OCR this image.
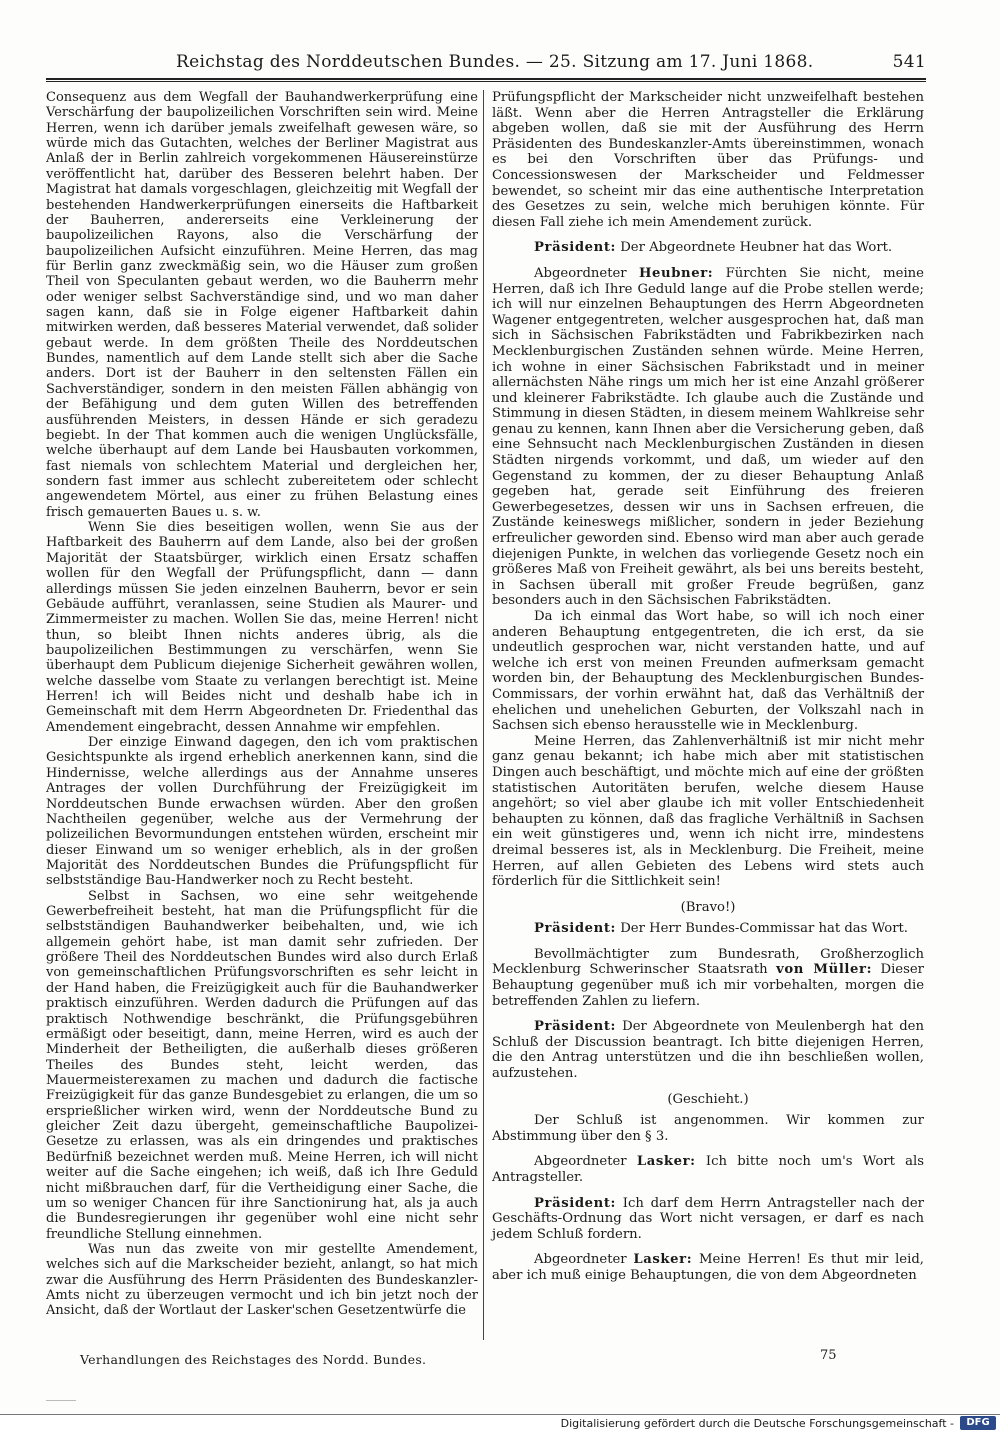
Reichstag des Norddeutschen Bundes. — 25. Sitzung am 17. Juni 1868.	541

Consequenz aus dem Wegfall der Bauhandwerkerprüfung eine Verschärfung der baupolizeilichen Vorschriften sein wird. Meine Herren, wenn ich darüber jemals zweifelhaft gewesen wäre, so würde mich das Gutachten, welches der Berliner Magistrat aus Anlaß der in Berlin zahlreich vorgekommenen Häusereinstürze veröffentlicht hat, darüber des Besseren belehrt haben. Der Magistrat hat damals vorgeschlagen, gleichzeitig mit Wegfall der bestehenden Handwerkerprüfungen einerseits die Haftbarkeit der Bauherren, andererseits eine Verkleinerung der baupolizeilichen Rayons, also die Verschärfung der baupolizeilichen Aufsicht einzuführen. Meine Herren, das mag für Berlin ganz zweckmäßig sein, wo die Häuser zum großen Theil von Speculanten gebaut werden, wo die Bauherrn mehr oder weniger selbst Sachverständige sind, und wo man daher sagen kann, daß sie in Folge eigener Haftbarkeit dahin mitwirken werden, daß besseres Material verwendet, daß solider gebaut werde. In dem größten Theile des Norddeutschen Bundes, namentlich auf dem Lande stellt sich aber die Sache anders. Dort ist der Bauherr in den seltensten Fällen ein Sachverständiger, sondern in den meisten Fällen abhängig von der Befähigung und dem guten Willen des betreffenden ausführenden Meisters, in dessen Hände er sich geradezu begiebt. In der That kommen auch die wenigen Unglücksfälle, welche überhaupt auf dem Lande bei Hausbauten vorkommen, fast niemals von schlechtem Material und dergleichen her, sondern fast immer aus schlecht zubereitetem oder schlecht angewendetem Mörtel, aus einer zu frühen Belastung eines frisch gemauerten Baues u. s. w.

Wenn Sie dies beseitigen wollen, wenn Sie aus der Haftbarkeit des Bauherrn auf dem Lande, also bei der großen Majorität der Staatsbürger, wirklich einen Ersatz schaffen wollen für den Wegfall der Prüfungspflicht, dann — dann allerdings müssen Sie jeden einzelnen Bauherrn, bevor er sein Gebäude aufführt, veranlassen, seine Studien als Maurer- und Zimmermeister zu machen. Wollen Sie das, meine Herren! nicht thun, so bleibt Ihnen nichts anderes übrig, als die baupolizeilichen Bestimmungen zu verschärfen, wenn Sie überhaupt dem Publicum diejenige Sicherheit gewähren wollen, welche dasselbe vom Staate zu verlangen berechtigt ist. Meine Herren! ich will Beides nicht und deshalb habe ich in Gemeinschaft mit dem Herrn Abgeordneten Dr. Friedenthal das Amendement eingebracht, dessen Annahme wir empfehlen.

Der einzige Einwand dagegen, den ich vom praktischen Gesichtspunkte als irgend erheblich anerkennen kann, sind die Hindernisse, welche allerdings aus der Annahme unseres Antrages der vollen Durchführung der Freizügigkeit im Norddeutschen Bunde erwachsen würden. Aber den großen Nachtheilen gegenüber, welche aus der Vermehrung der polizeilichen Bevormundungen entstehen würden, erscheint mir dieser Einwand um so weniger erheblich, als in der großen Majorität des Norddeutschen Bundes die Prüfungspflicht für selbstständige Bau-Handwerker noch zu Recht besteht.

Selbst in Sachsen, wo eine sehr weitgehende Gewerbefreiheit besteht, hat man die Prüfungspflicht für die selbstständigen Bauhandwerker beibehalten, und, wie ich allgemein gehört habe, ist man damit sehr zufrieden. Der größere Theil des Norddeutschen Bundes wird also durch Erlaß von gemeinschaftlichen Prüfungsvorschriften es sehr leicht in der Hand haben, die Freizügigkeit auch für die Bauhandwerker praktisch einzuführen. Werden dadurch die Prüfungen auf das praktisch Nothwendige beschränkt, die Prüfungsgebühren ermäßigt oder beseitigt, dann, meine Herren, wird es auch der Minderheit der Betheiligten, die außerhalb dieses größeren Theiles des Bundes steht, leicht werden, das Mauermeisterexamen zu machen und dadurch die factische Freizügigkeit für das ganze Bundesgebiet zu erlangen, die um so ersprießlicher wirken wird, wenn der Norddeutsche Bund zu gleicher Zeit dazu übergeht, gemeinschaftliche Baupolizei-Gesetze zu erlassen, was als ein dringendes und praktisches Bedürfniß bezeichnet werden muß. Meine Herren, ich will nicht weiter auf die Sache eingehen; ich weiß, daß ich Ihre Geduld nicht mißbrauchen darf, für die Vertheidigung einer Sache, die um so weniger Chancen für ihre Sanctionirung hat, als ja auch die Bundesregierungen ihr gegenüber wohl eine nicht sehr freundliche Stellung einnehmen.

Was nun das zweite von mir gestellte Amendement, welches sich auf die Markscheider bezieht, anlangt, so hat mich zwar die Ausführung des Herrn Präsidenten des Bundeskanzler-Amts nicht zu überzeugen vermocht und ich bin jetzt noch der Ansicht, daß der Wortlaut der Lasker'schen Gesetzentwürfe die

Prüfungspflicht der Markscheider nicht unzweifelhaft bestehen läßt. Wenn aber die Herren Antragsteller die Erklärung abgeben wollen, daß sie mit der Ausführung des Herrn Präsidenten des Bundeskanzler-Amts übereinstimmen, wonach es bei den Vorschriften über das Prüfungs- und Concessionswesen der Markscheider und Feldmesser bewendet, so scheint mir das eine authentische Interpretation des Gesetzes zu sein, welche mich beruhigen könnte. Für diesen Fall ziehe ich mein Amendement zurück.

Präsident: Der Abgeordnete Heubner hat das Wort.

Abgeordneter Heubner: Fürchten Sie nicht, meine Herren, daß ich Ihre Geduld lange auf die Probe stellen werde; ich will nur einzelnen Behauptungen des Herrn Abgeordneten Wagener entgegentreten, welcher ausgesprochen hat, daß man sich in Sächsischen Fabrikstädten und Fabrikbezirken nach Mecklenburgischen Zuständen sehnen würde. Meine Herren, ich wohne in einer Sächsischen Fabrikstadt und in meiner allernächsten Nähe rings um mich her ist eine Anzahl größerer und kleinerer Fabrikstädte. Ich glaube auch die Zustände und Stimmung in diesen Städten, in diesem meinem Wahlkreise sehr genau zu kennen, kann Ihnen aber die Versicherung geben, daß eine Sehnsucht nach Mecklenburgischen Zuständen in diesen Städten nirgends vorkommt, und daß, um wieder auf den Gegenstand zu kommen, der zu dieser Behauptung Anlaß gegeben hat, gerade seit Einführung des freieren Gewerbegesetzes, dessen wir uns in Sachsen erfreuen, die Zustände keineswegs mißlicher, sondern in jeder Beziehung erfreulicher geworden sind. Ebenso wird man aber auch gerade diejenigen Punkte, in welchen das vorliegende Gesetz noch ein größeres Maß von Freiheit gewährt, als bei uns bereits besteht, in Sachsen überall mit großer Freude begrüßen, ganz besonders auch in den Sächsischen Fabrikstädten.

Da ich einmal das Wort habe, so will ich noch einer anderen Behauptung entgegentreten, die ich erst, da sie undeutlich gesprochen war, nicht verstanden hatte, und auf welche ich erst von meinen Freunden aufmerksam gemacht worden bin, der Behauptung des Mecklenburgischen Bundes-Commissars, der vorhin erwähnt hat, daß das Verhältniß der ehelichen und unehelichen Geburten, der Volkszahl nach in Sachsen sich ebenso herausstelle wie in Mecklenburg.

Meine Herren, das Zahlenverhältniß ist mir nicht mehr ganz genau bekannt; ich habe mich aber mit statistischen Dingen auch beschäftigt, und möchte mich auf eine der größten statistischen Autoritäten berufen, welche diesem Hause angehört; so viel aber glaube ich mit voller Entschiedenheit behaupten zu können, daß das fragliche Verhältniß in Sachsen ein weit günstigeres und, wenn ich nicht irre, mindestens dreimal besseres ist, als in Mecklenburg. Die Freiheit, meine Herren, auf allen Gebieten des Lebens wird stets auch förderlich für die Sittlichkeit sein!

(Bravo!)

Präsident: Der Herr Bundes-Commissar hat das Wort.

Bevollmächtigter zum Bundesrath, Großherzoglich Mecklenburg Schwerinscher Staatsrath von Müller: Dieser Behauptung gegenüber muß ich mir vorbehalten, morgen die betreffenden Zahlen zu liefern.

Präsident: Der Abgeordnete von Meulenbergh hat den Schluß der Discussion beantragt. Ich bitte diejenigen Herren, die den Antrag unterstützen und die ihn beschließen wollen, aufzustehen.

(Geschieht.)

Der Schluß ist angenommen. Wir kommen zur Abstimmung über den § 3.

Abgeordneter Lasker: Ich bitte noch um's Wort als Antragsteller.

Präsident: Ich darf dem Herrn Antragsteller nach der Geschäfts-Ordnung das Wort nicht versagen, er darf es nach jedem Schluß fordern.

Abgeordneter Lasker: Meine Herren! Es thut mir leid, aber ich muß einige Behauptungen, die von dem Abgeordneten

Verhandlungen des Reichstages des Nordd. Bundes.	75
Digitalisierung gefördert durch die Deutsche Forschungsgemeinschaft -	DFG
